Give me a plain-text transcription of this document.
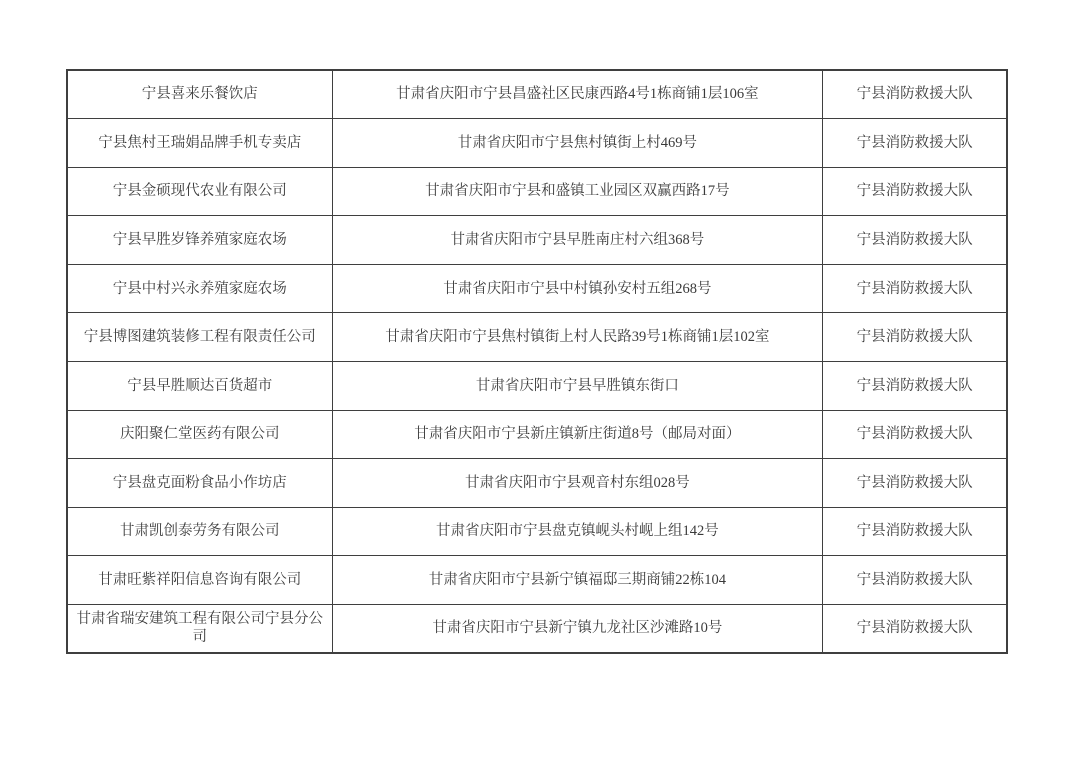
宁县喜来乐餐饮店	甘肃省庆阳市宁县昌盛社区民康西路4号1栋商铺1层106室	宁县消防救援大队
宁县焦村王瑞娟品牌手机专卖店	甘肃省庆阳市宁县焦村镇街上村469号	宁县消防救援大队
宁县金硕现代农业有限公司	甘肃省庆阳市宁县和盛镇工业园区双赢西路17号	宁县消防救援大队
宁县早胜岁锋养殖家庭农场	甘肃省庆阳市宁县早胜南庄村六组368号	宁县消防救援大队
宁县中村兴永养殖家庭农场	甘肃省庆阳市宁县中村镇孙安村五组268号	宁县消防救援大队
宁县博图建筑装修工程有限责任公司	甘肃省庆阳市宁县焦村镇街上村人民路39号1栋商铺1层102室	宁县消防救援大队
宁县早胜顺达百货超市	甘肃省庆阳市宁县早胜镇东街口	宁县消防救援大队
庆阳聚仁堂医药有限公司	甘肃省庆阳市宁县新庄镇新庄街道8号（邮局对面）	宁县消防救援大队
宁县盘克面粉食品小作坊店	甘肃省庆阳市宁县观音村东组028号	宁县消防救援大队
甘肃凯创泰劳务有限公司	甘肃省庆阳市宁县盘克镇岘头村岘上组142号	宁县消防救援大队
甘肃旺紫祥阳信息咨询有限公司	甘肃省庆阳市宁县新宁镇福邸三期商铺22栋104	宁县消防救援大队
甘肃省瑞安建筑工程有限公司宁县分公司	甘肃省庆阳市宁县新宁镇九龙社区沙滩路10号	宁县消防救援大队
